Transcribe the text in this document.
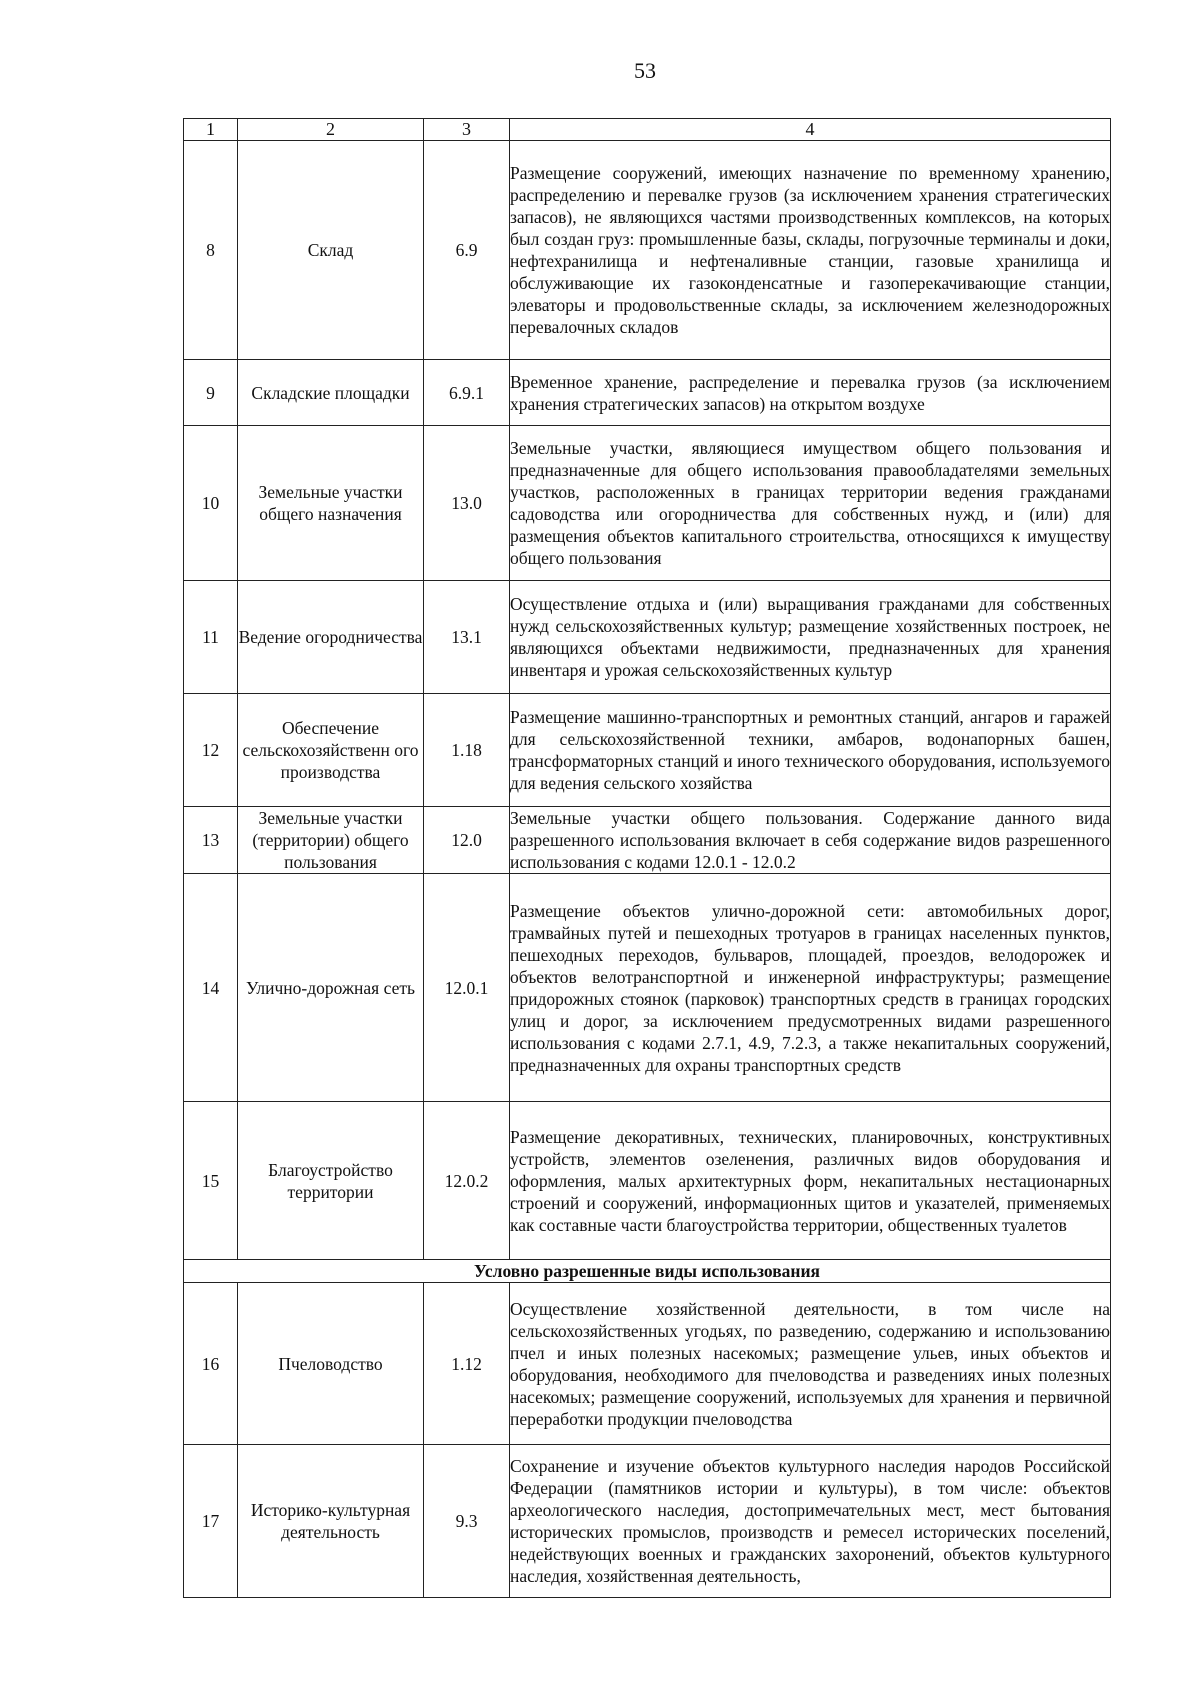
53
1	2	3	4
8	Склад	6.9	Размещение сооружений, имеющих назначение по временному хранению, распределению и перевалке грузов (за исключением хранения стратегических запасов), не являющихся частями производственных комплексов, на которых был создан груз: промышленные базы, склады, погрузочные терминалы и доки, нефтехранилища и нефтеналивные станции, газовые хранилища и обслуживающие их газоконденсатные и газоперекачивающие станции, элеваторы и продовольственные склады, за исключением железнодорожных перевалочных складов
9	Складские площадки	6.9.1	Временное хранение, распределение и перевалка грузов (за исключением хранения стратегических запасов) на открытом воздухе
10	Земельные участки общего назначения	13.0	Земельные участки, являющиеся имуществом общего пользования и предназначенные для общего использования правообладателями земельных участков, расположенных в границах территории ведения гражданами садоводства или огородничества для собственных нужд, и (или) для размещения объектов капитального строительства, относящихся к имуществу общего пользования
11	Ведение огородничества	13.1	Осуществление отдыха и (или) выращивания гражданами для собственных нужд сельскохозяйственных культур; размещение хозяйственных построек, не являющихся объектами недвижимости, предназначенных для хранения инвентаря и урожая сельскохозяйственных культур
12	Обеспечение сельскохозяйственн ого производства	1.18	Размещение машинно-транспортных и ремонтных станций, ангаров и гаражей для сельскохозяйственной техники, амбаров, водонапорных башен, трансформаторных станций и иного технического оборудования, используемого для ведения сельского хозяйства
13	Земельные участки (территории) общего пользования	12.0	Земельные участки общего пользования. Содержание данного вида разрешенного использования включает в себя содержание видов разрешенного использования с кодами 12.0.1 - 12.0.2
14	Улично-дорожная сеть	12.0.1	Размещение объектов улично-дорожной сети: автомобильных дорог, трамвайных путей и пешеходных тротуаров в границах населенных пунктов, пешеходных переходов, бульваров, площадей, проездов, велодорожек и объектов велотранспортной и инженерной инфраструктуры; размещение придорожных стоянок (парковок) транспортных средств в границах городских улиц и дорог, за исключением предусмотренных видами разрешенного использования с кодами 2.7.1, 4.9, 7.2.3, а также некапитальных сооружений, предназначенных для охраны транспортных средств
15	Благоустройство территории	12.0.2	Размещение декоративных, технических, планировочных, конструктивных устройств, элементов озеленения, различных видов оборудования и оформления, малых архитектурных форм, некапитальных нестационарных строений и сооружений, информационных щитов и указателей, применяемых как составные части благоустройства территории, общественных туалетов
Условно разрешенные виды использования			
16	Пчеловодство	1.12	Осуществление хозяйственной деятельности, в том числе на сельскохозяйственных угодьях, по разведению, содержанию и использованию пчел и иных полезных насекомых; размещение ульев, иных объектов и оборудования, необходимого для пчеловодства и разведениях иных полезных насекомых; размещение сооружений, используемых для хранения и первичной переработки продукции пчеловодства
17	Историко-культурная деятельность	9.3	Сохранение и изучение объектов культурного наследия народов Российской Федерации (памятников истории и культуры), в том числе: объектов археологического наследия, достопримечательных мест, мест бытования исторических промыслов, производств и ремесел исторических поселений, недействующих военных и гражданских захоронений, объектов культурного наследия, хозяйственная деятельность,
